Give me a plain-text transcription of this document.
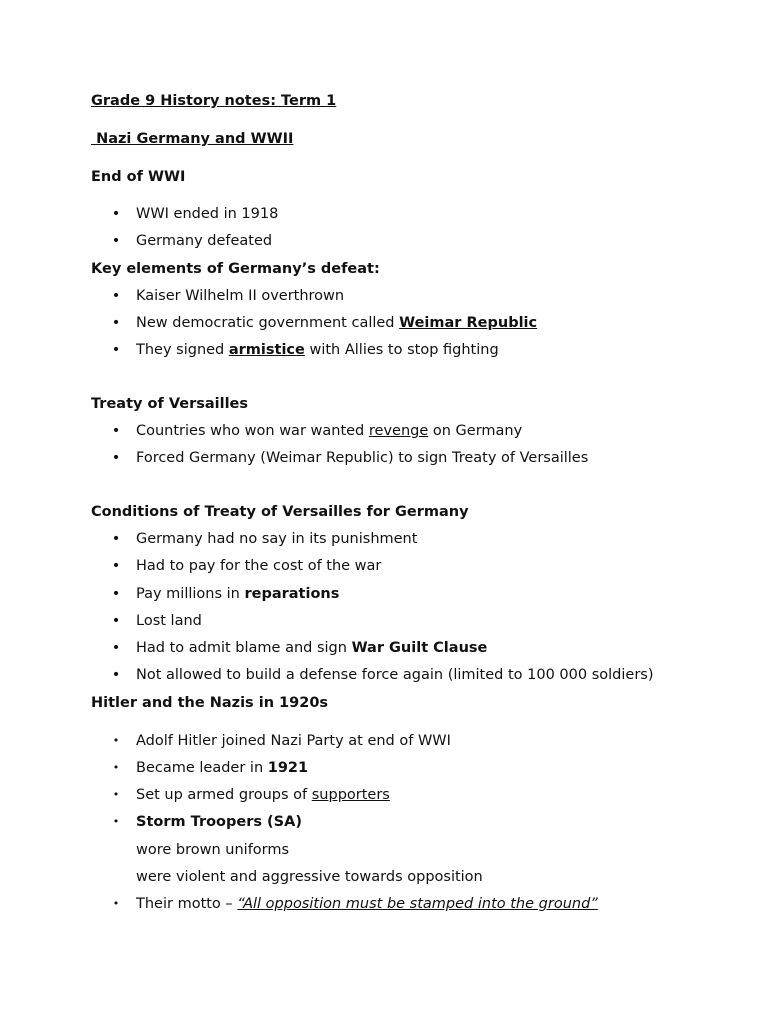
Grade 9 History notes: Term 1
Nazi Germany and WWII
End of WWI
• WWI ended in 1918
• Germany defeated
Key elements of Germany’s defeat:
• Kaiser Wilhelm II overthrown
• New democratic government called Weimar Republic
• They signed armistice with Allies to stop fighting
Treaty of Versailles
• Countries who won war wanted revenge on Germany
• Forced Germany (Weimar Republic) to sign Treaty of Versailles
Conditions of Treaty of Versailles for Germany
• Germany had no say in its punishment
• Had to pay for the cost of the war
• Pay millions in reparations
• Lost land
• Had to admit blame and sign War Guilt Clause
• Not allowed to build a defense force again (limited to 100 000 soldiers)
Hitler and the Nazis in 1920s
• Adolf Hitler joined Nazi Party at end of WWI
• Became leader in 1921
• Set up armed groups of supporters
• Storm Troopers (SA)
wore brown uniforms
were violent and aggressive towards opposition
• Their motto – “All opposition must be stamped into the ground”
